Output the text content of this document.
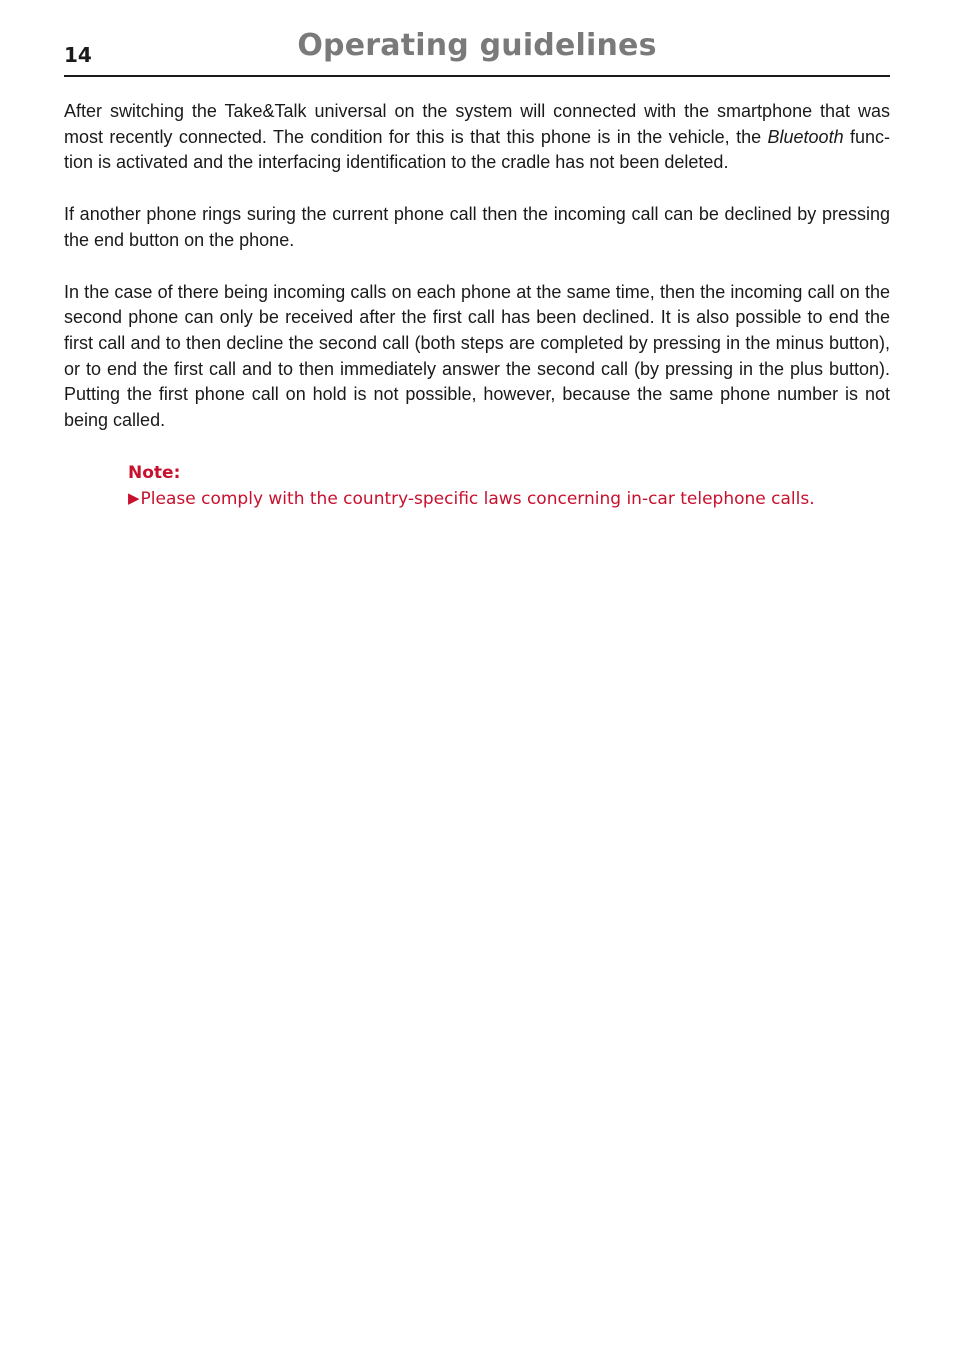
14	Operating guidelines

After switching the Take&Talk universal on the system will connected with the smartphone that was most recently connected. The condition for this is that this phone is in the vehicle, the Bluetooth func- tion is activated and the interfacing identification to the cradle has not been deleted.

If another phone rings suring the current phone call then the incoming call can be declined by pressing the end button on the phone.

In the case of there being incoming calls on each phone at the same time, then the incoming call on the second phone can only be received after the first call has been declined. It is also possible to end the first call and to then decline the second call (both steps are completed by pressing in the minus button), or to end the first call and to then immediately answer the second call (by pressing in the plus button). Putting the first phone call on hold is not possible, however, because the same phone number is not being called.

Note:
▶Please comply with the country-specific laws concerning in-car telephone calls.
